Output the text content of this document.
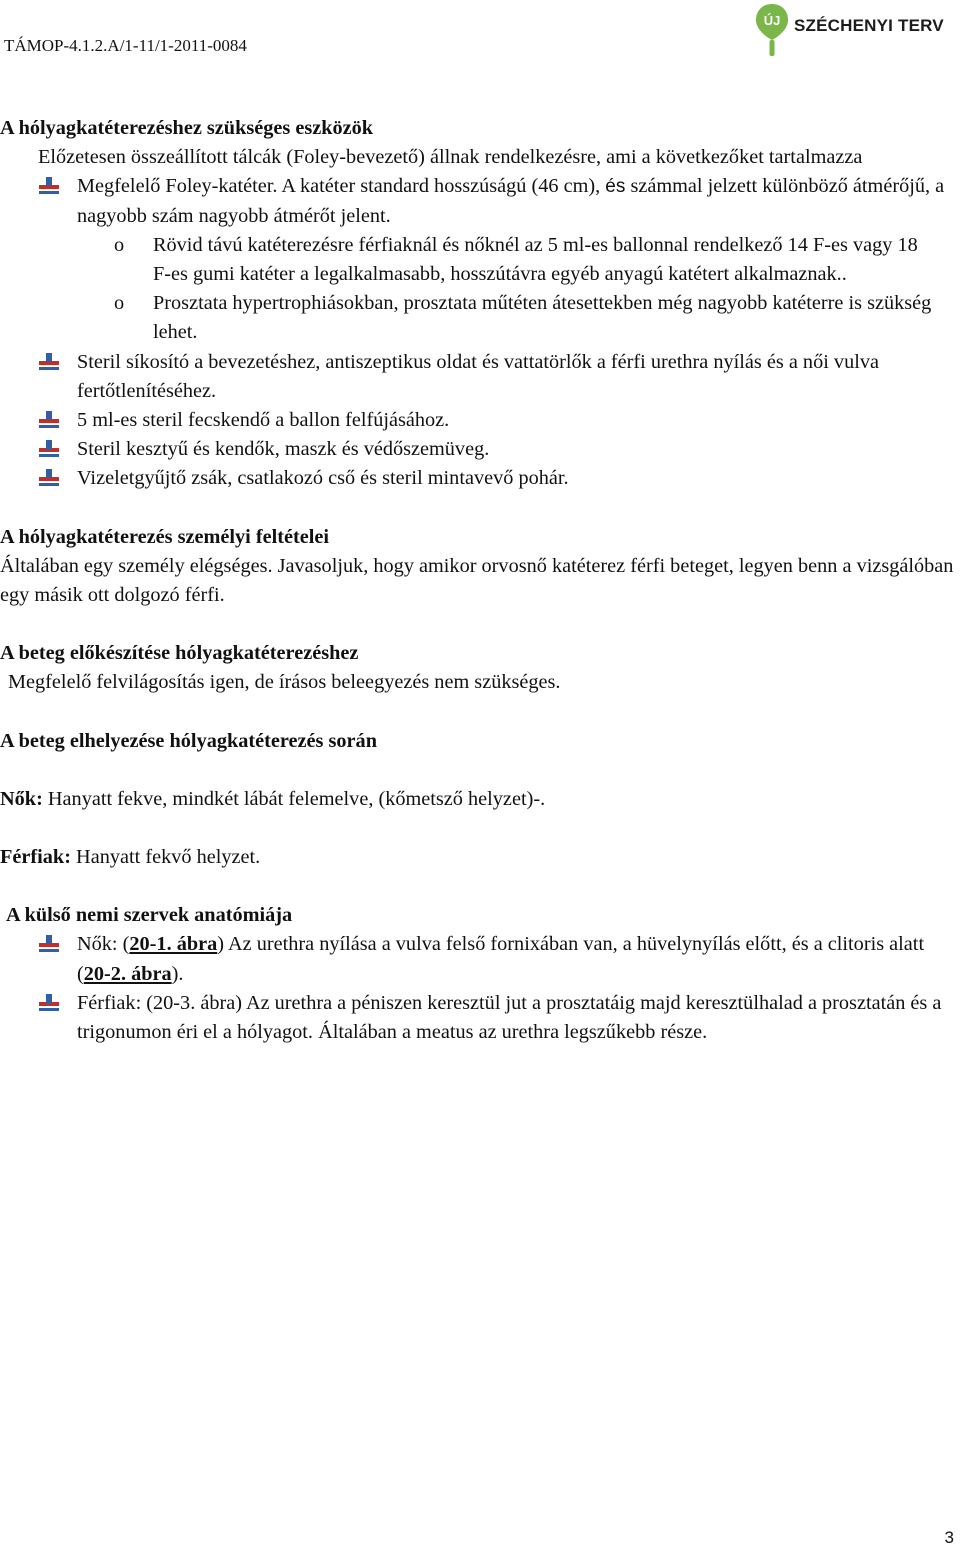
TÁMOP-4.1.2.A/1-11/1-2011-0084
ÚJ SZÉCHENYI TERV
A hólyagkatéterezéshez szükséges eszközök
Előzetesen összeállított tálcák (Foley-bevezető) állnak rendelkezésre, ami a következőket tartalmazza
Megfelelő Foley-katéter. A katéter standard hosszúságú (46 cm), és számmal jelzett különböző átmérőjű, a nagyobb szám nagyobb átmérőt jelent.
o Rövid távú katéterezésre férfiaknál és nőknél az 5 ml-es ballonnal rendelkező 14 F-es vagy 18 F-es gumi katéter a legalkalmasabb, hosszútávra egyéb anyagú katétert alkalmaznak..
o Prosztata hypertrophiásokban, prosztata műtéten átesettekben még nagyobb katéterre is szükség lehet.
Steril síkosító a bevezetéshez, antiszeptikus oldat és vattatörlők a férfi urethra nyílás és a női vulva fertőtlenítéséhez.
5 ml-es steril fecskendő a ballon felfújásához.
Steril kesztyű és kendők, maszk és védőszemüveg.
Vizeletgyűjtő zsák, csatlakozó cső és steril mintavevő pohár.
A hólyagkatéterezés személyi feltételei
Általában egy személy elégséges. Javasoljuk, hogy amikor orvosnő katéterez férfi beteget, legyen benn a vizsgálóban egy másik ott dolgozó férfi.
A beteg előkészítése hólyagkatéterezéshez
Megfelelő felvilágosítás igen, de írásos beleegyezés nem szükséges.
A beteg elhelyezése hólyagkatéterezés során
Nők: Hanyatt fekve, mindkét lábát felemelve, (kőmetsző helyzet)-.
Férfiak: Hanyatt fekvő helyzet.
A külső nemi szervek anatómiája
Nők: (20-1. ábra) Az urethra nyílása a vulva felső fornixában van, a hüvelynyílás előtt, és a clitoris alatt (20-2. ábra).
Férfiak: (20-3. ábra) Az urethra a péniszen keresztül jut a prosztatáig majd keresztülhalad a prosztatán és a trigonumon éri el a hólyagot. Általában a meatus az urethra legszűkebb része.
3
